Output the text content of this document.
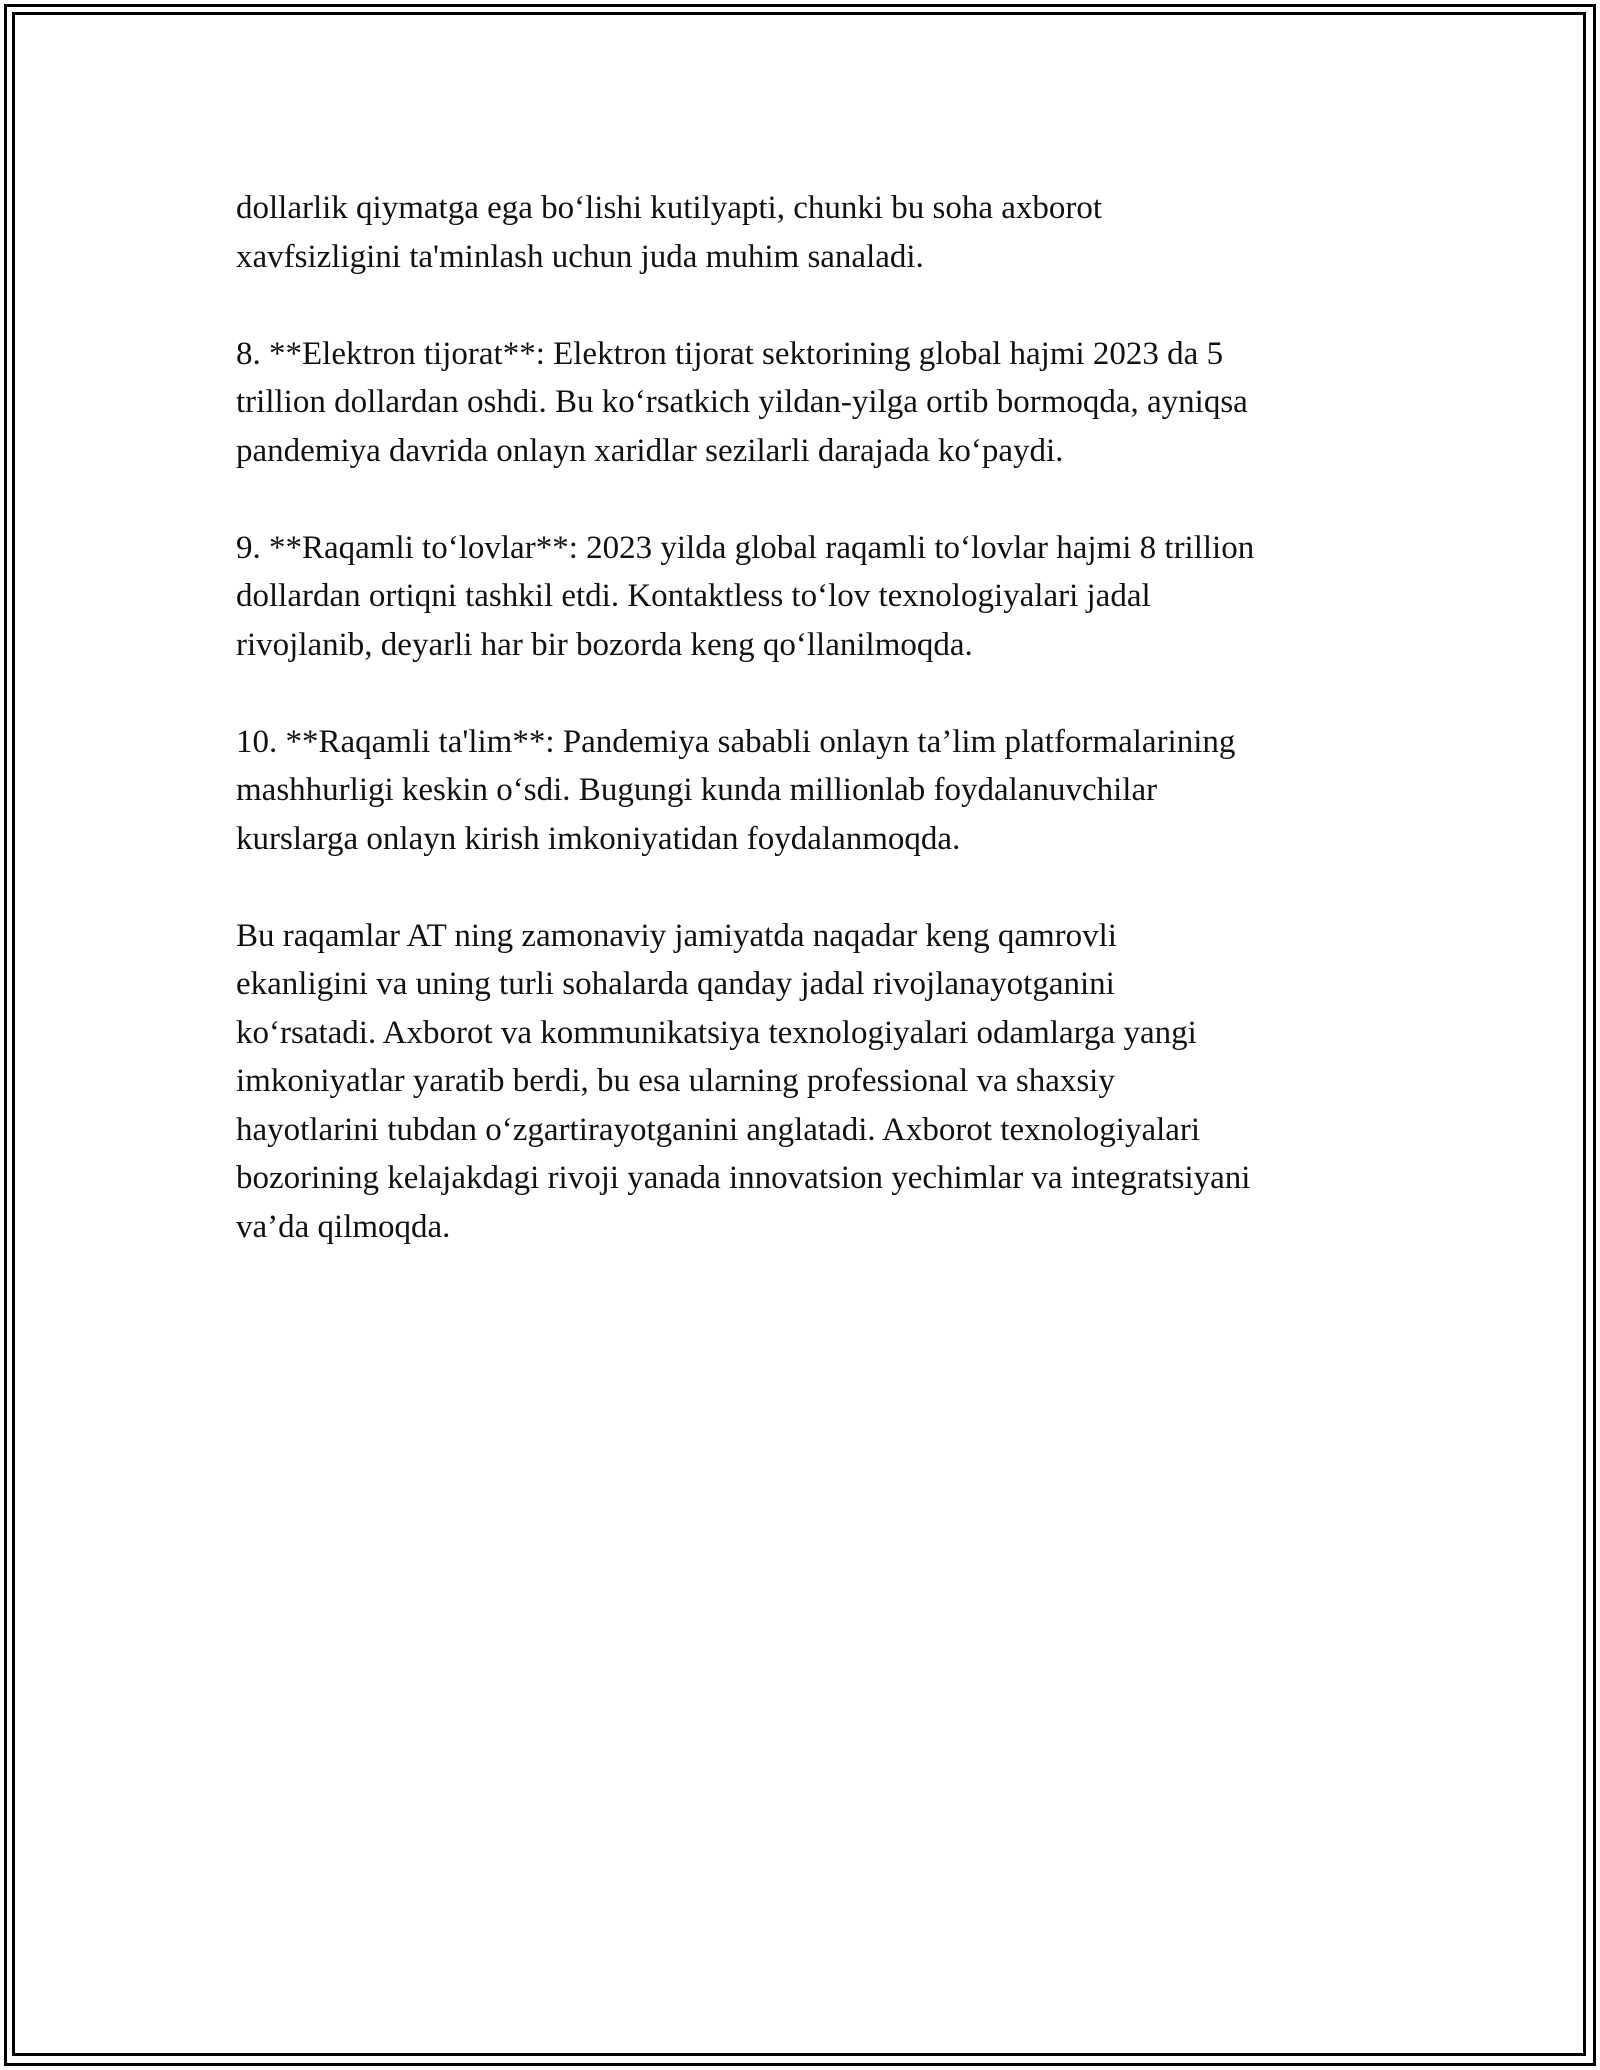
dollarlik qiymatga ega bo‘lishi kutilyapti, chunki bu soha axborot
xavfsizligini ta'minlash uchun juda muhim sanaladi.

8. **Elektron tijorat**: Elektron tijorat sektorining global hajmi 2023 da 5
trillion dollardan oshdi. Bu ko‘rsatkich yildan-yilga ortib bormoqda, ayniqsa
pandemiya davrida onlayn xaridlar sezilarli darajada ko‘paydi.

9. **Raqamli to‘lovlar**: 2023 yilda global raqamli to‘lovlar hajmi 8 trillion
dollardan ortiqni tashkil etdi. Kontaktless to‘lov texnologiyalari jadal
rivojlanib, deyarli har bir bozorda keng qo‘llanilmoqda.

10. **Raqamli ta'lim**: Pandemiya sababli onlayn ta’lim platformalarining
mashhurligi keskin o‘sdi. Bugungi kunda millionlab foydalanuvchilar
kurslarga onlayn kirish imkoniyatidan foydalanmoqda.

Bu raqamlar AT ning zamonaviy jamiyatda naqadar keng qamrovli
ekanligini va uning turli sohalarda qanday jadal rivojlanayotganini
ko‘rsatadi. Axborot va kommunikatsiya texnologiyalari odamlarga yangi
imkoniyatlar yaratib berdi, bu esa ularning professional va shaxsiy
hayotlarini tubdan o‘zgartirayotganini anglatadi. Axborot texnologiyalari
bozorining kelajakdagi rivoji yanada innovatsion yechimlar va integratsiyani
va’da qilmoqda.
